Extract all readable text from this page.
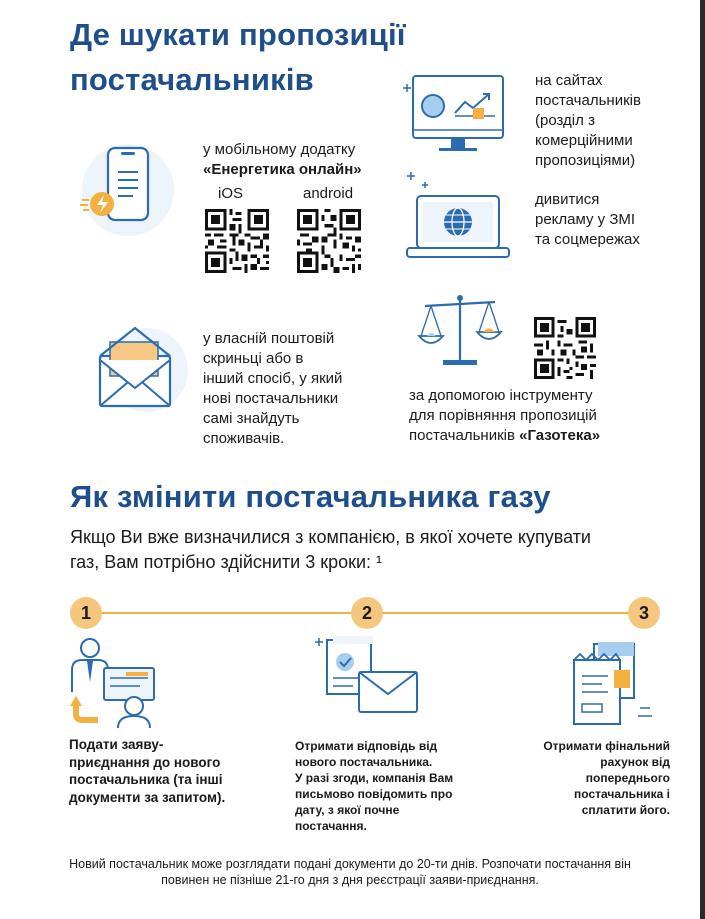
Де шукати пропозиції
постачальників
у мобільному додатку
«Енергетика онлайн»
iOS	android
на сайтах
постачальників
(розділ з
комерційними
пропозиціями)
дивитися
рекламу у ЗМІ
та соцмережах
у власній поштовій
скриньці або в
інший спосіб, у який
нові постачальники
самі знайдуть
споживачів.
за допомогою інструменту
для порівняння пропозицій
постачальників «Газотека»
Як змінити постачальника газу
Якщо Ви вже визначилися з компанією, в якої хочете купувати
газ, Вам потрібно здійснити 3 кроки: ¹
1	2	3
Подати заяву-
приєднання до нового
постачальника (та інші
документи за запитом).
Отримати відповідь від
нового постачальника.
У разі згоди, компанія Вам
письмово повідомить про
дату, з якої почне
постачання.
Отримати фінальний
рахунок від
попереднього
постачальника і
сплатити його.
Новий постачальник може розглядати подані документи до 20-ти днів. Розпочати постачання він
повинен не пізніше 21-го дня з дня реєстрації заяви-приєднання.
